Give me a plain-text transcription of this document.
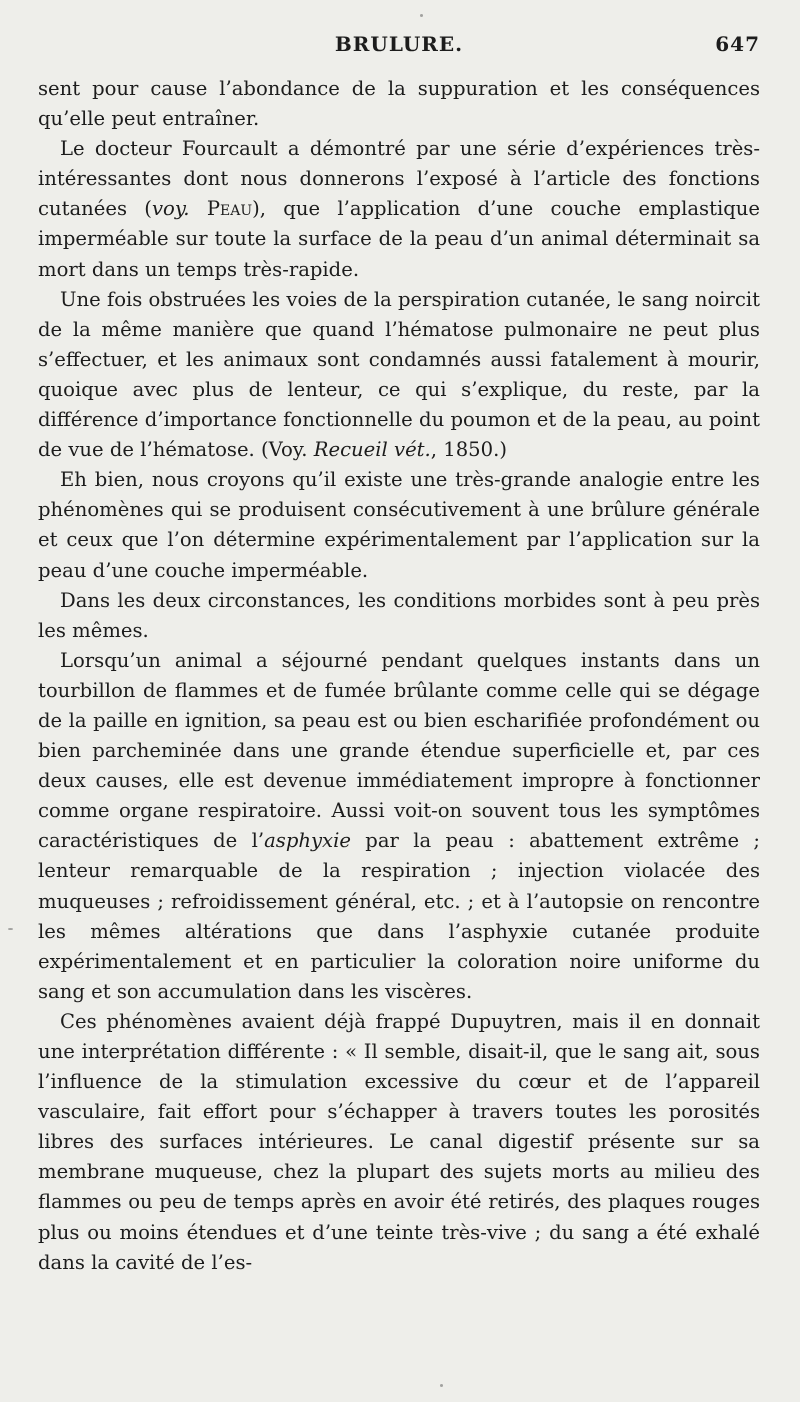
BRULURE.	647

sent pour cause l’abondance de la suppuration et les conséquences qu’elle peut entraîner.

Le docteur Fourcault a démontré par une série d’expériences très-intéressantes dont nous donnerons l’exposé à l’article des fonctions cutanées (voy. Peau), que l’application d’une couche emplastique imperméable sur toute la surface de la peau d’un animal déterminait sa mort dans un temps très-rapide.

Une fois obstruées les voies de la perspiration cutanée, le sang noircit de la même manière que quand l’hématose pulmonaire ne peut plus s’effectuer, et les animaux sont condamnés aussi fatalement à mourir, quoique avec plus de lenteur, ce qui s’explique, du reste, par la différence d’importance fonctionnelle du poumon et de la peau, au point de vue de l’hématose. (Voy. Recueil vét., 1850.)

Eh bien, nous croyons qu’il existe une très-grande analogie entre les phénomènes qui se produisent consécutivement à une brûlure générale et ceux que l’on détermine expérimentalement par l’application sur la peau d’une couche imperméable.

Dans les deux circonstances, les conditions morbides sont à peu près les mêmes.

Lorsqu’un animal a séjourné pendant quelques instants dans un tourbillon de flammes et de fumée brûlante comme celle qui se dégage de la paille en ignition, sa peau est ou bien escharifiée profondément ou bien parcheminée dans une grande étendue superficielle et, par ces deux causes, elle est devenue immédiatement impropre à fonctionner comme organe respiratoire. Aussi voit-on souvent tous les symptômes caractéristiques de l’asphyxie par la peau : abattement extrême ; lenteur remarquable de la respiration ; injection violacée des muqueuses ; refroidissement général, etc. ; et à l’autopsie on rencontre les mêmes altérations que dans l’asphyxie cutanée produite expérimentalement et en particulier la coloration noire uniforme du sang et son accumulation dans les viscères.

Ces phénomènes avaient déjà frappé Dupuytren, mais il en donnait une interprétation différente : « Il semble, disait-il, que le sang ait, sous l’influence de la stimulation excessive du cœur et de l’appareil vasculaire, fait effort pour s’échapper à travers toutes les porosités libres des surfaces intérieures. Le canal digestif présente sur sa membrane muqueuse, chez la plupart des sujets morts au milieu des flammes ou peu de temps après en avoir été retirés, des plaques rouges plus ou moins étendues et d’une teinte très-vive ; du sang a été exhalé dans la cavité de l’es-
